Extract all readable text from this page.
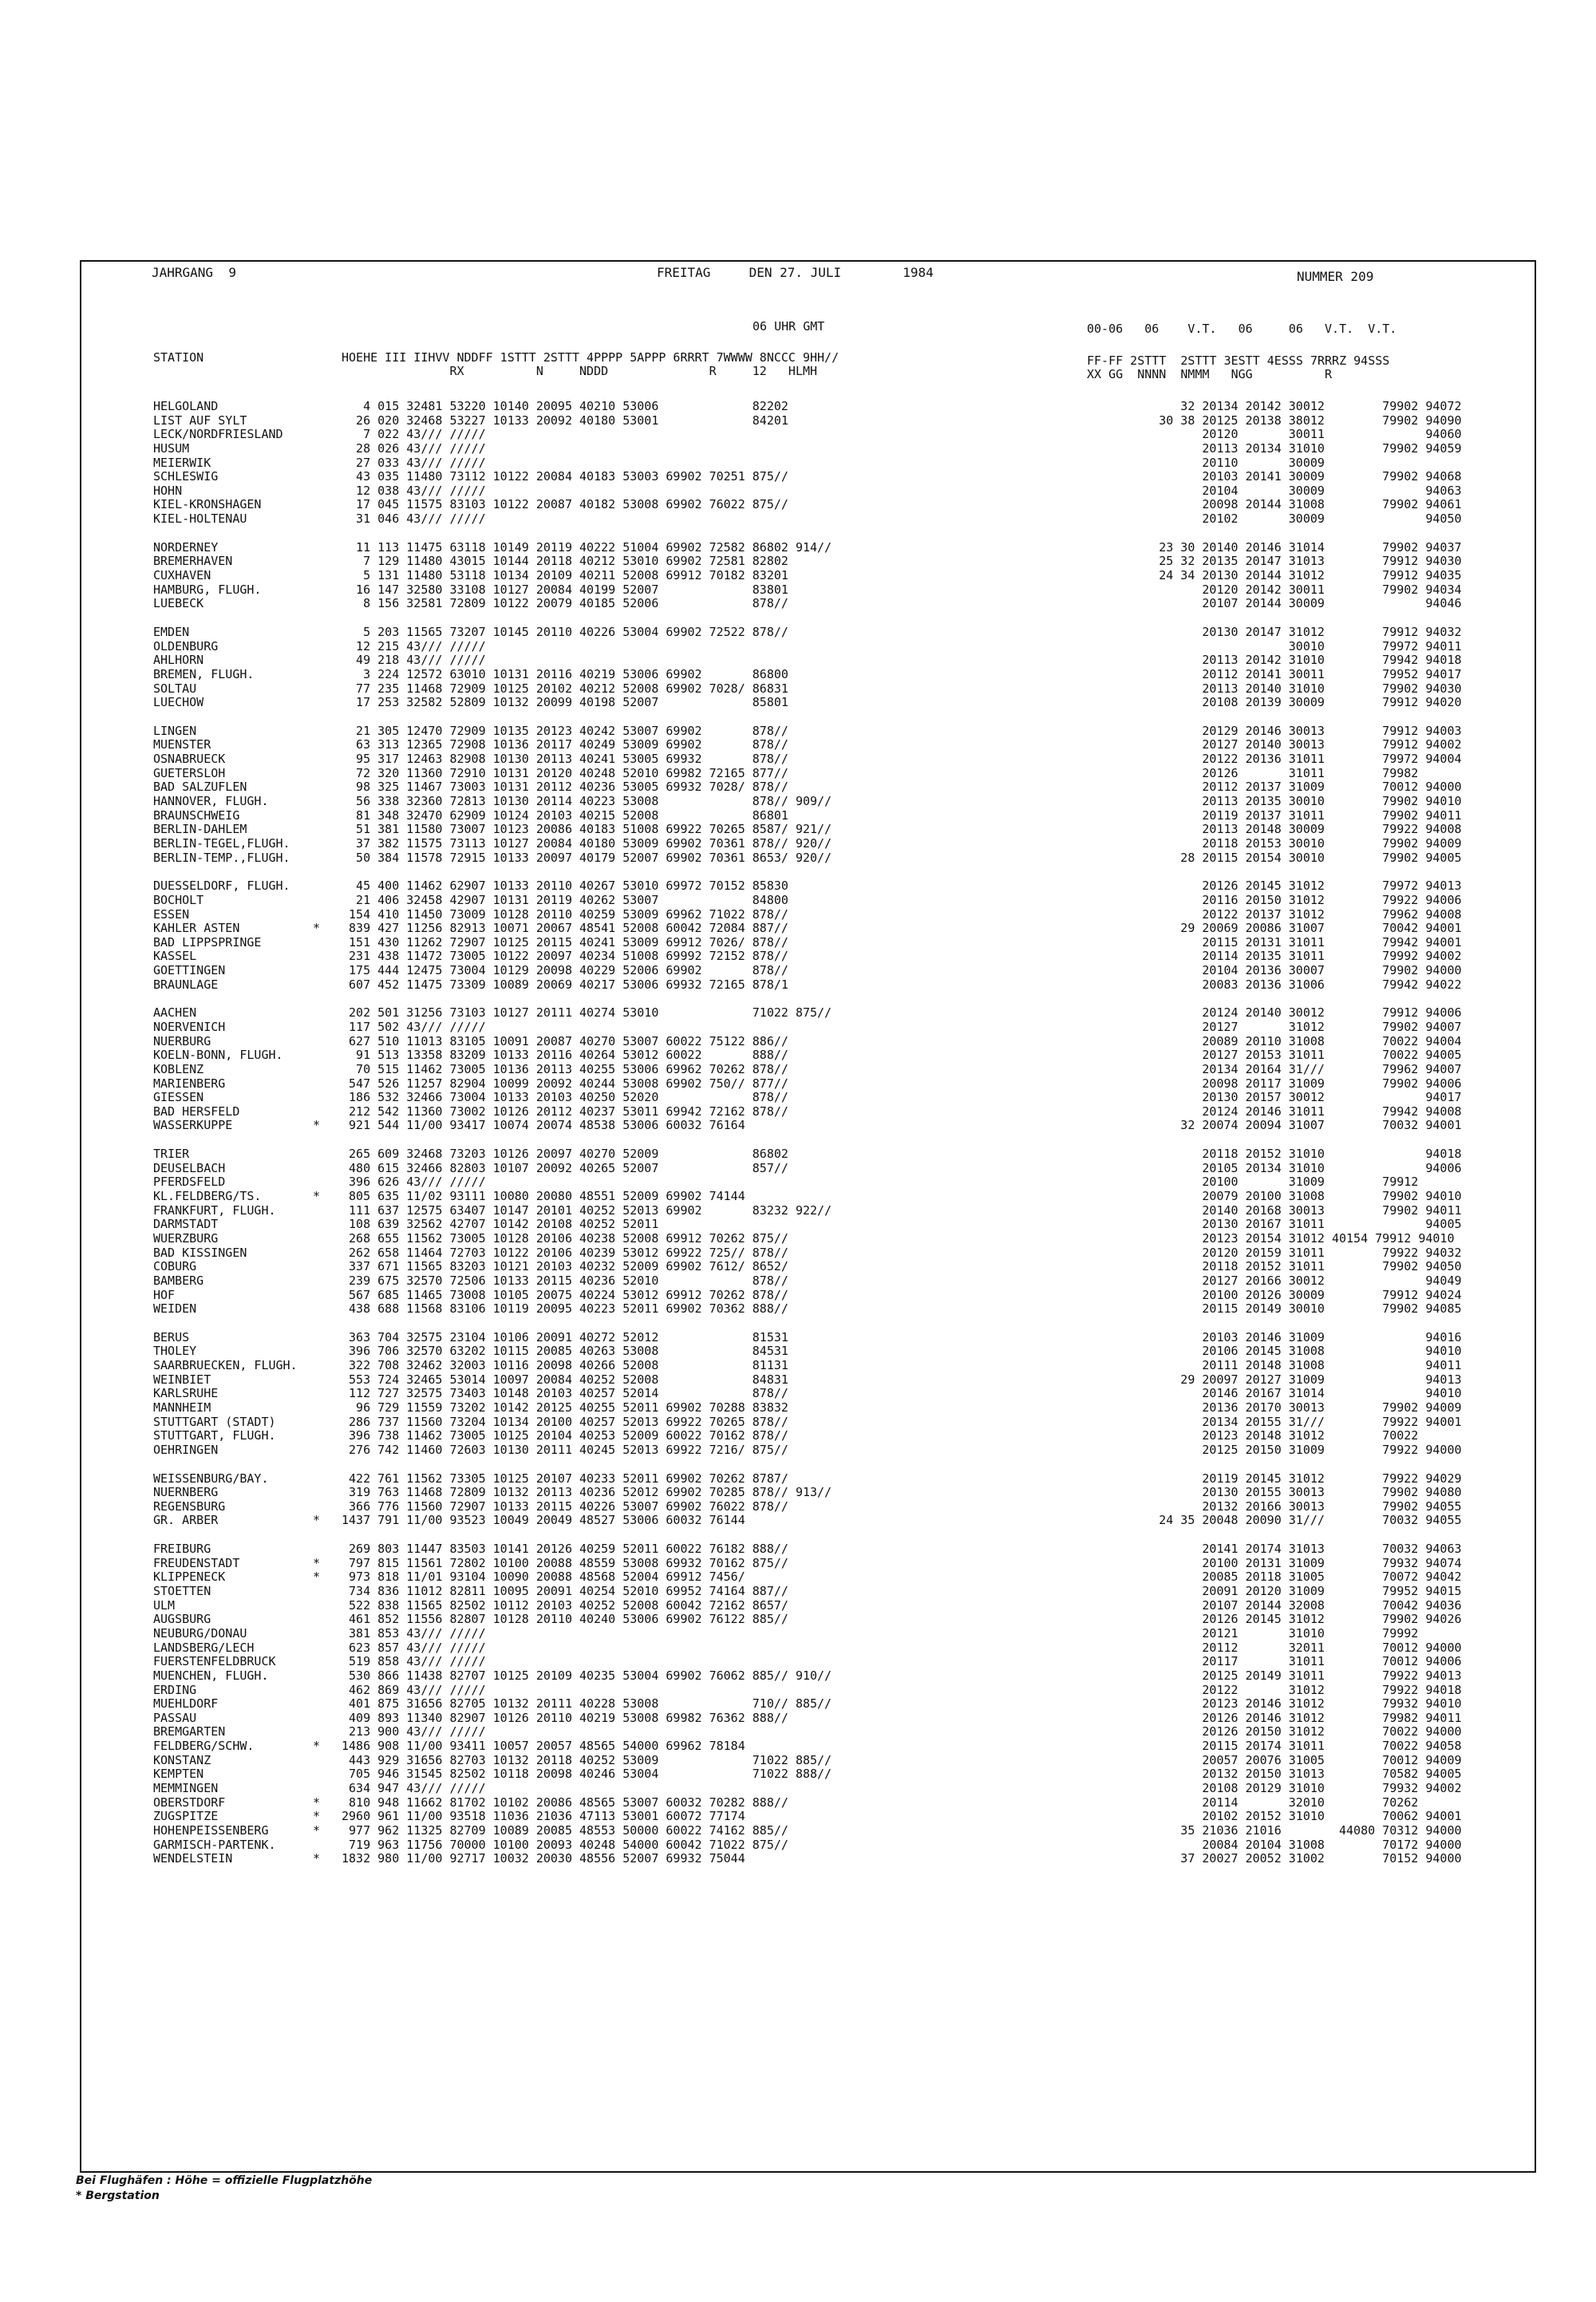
JAHRGANG  9	FREITAG     DEN 27. JULI        1984	NUMMER 209
06 UHR GMT	00-06   06    V.T.   06     06   V.T.  V.T.
STATION	HOEHE III IIHVV NDDFF 1STTT 2STTT 4PPPP 5APPP 6RRRT 7WWWW 8NCCC 9HH//
RX          N     NDDD              R     12   HLMH
FF-FF 2STTT  2STTT 3ESTT 4ESSS 7RRRZ 94SSS
XX GG  NNNN  NMMM   NGG          R
HELGOLAND	4 015 32481 53220 10140 20095 40210 53006             82202	32 20134 20142 30012        79902 94072
LIST AUF SYLT	26 020 32468 53227 10133 20092 40180 53001             84201	30 38 20125 20138 38012        79902 94090
LECK/NORDFRIESLAND	7 022 43/// /////	20120       30011              94060
HUSUM	28 026 43/// /////	20113 20134 31010        79902 94059
MEIERWIK	27 033 43/// /////	20110       30009
SCHLESWIG	43 035 11480 73112 10122 20084 40183 53003 69902 70251 875//	20103 20141 30009        79902 94068
HOHN	12 038 43/// /////	20104       30009              94063
KIEL-KRONSHAGEN	17 045 11575 83103 10122 20087 40182 53008 69902 76022 875//	20098 20144 31008        79902 94061
KIEL-HOLTENAU	31 046 43/// /////	20102       30009              94050
NORDERNEY	11 113 11475 63118 10149 20119 40222 51004 69902 72582 86802 914//	23 30 20140 20146 31014        79902 94037
BREMERHAVEN	7 129 11480 43015 10144 20118 40212 53010 69902 72581 82802	25 32 20135 20147 31013        79912 94030
CUXHAVEN	5 131 11480 53118 10134 20109 40211 52008 69912 70182 83201	24 34 20130 20144 31012        79912 94035
HAMBURG, FLUGH.	16 147 32580 33108 10127 20084 40199 52007             83801	20120 20142 30011        79902 94034
LUEBECK	8 156 32581 72809 10122 20079 40185 52006             878//	20107 20144 30009              94046
EMDEN	5 203 11565 73207 10145 20110 40226 53004 69902 72522 878//	20130 20147 31012        79912 94032
OLDENBURG	12 215 43/// /////	30010        79972 94011
AHLHORN	49 218 43/// /////	20113 20142 31010        79942 94018
BREMEN, FLUGH.	3 224 12572 63010 10131 20116 40219 53006 69902       86800	20112 20141 30011        79952 94017
SOLTAU	77 235 11468 72909 10125 20102 40212 52008 69902 7028/ 86831	20113 20140 31010        79902 94030
LUECHOW	17 253 32582 52809 10132 20099 40198 52007             85801	20108 20139 30009        79912 94020
LINGEN	21 305 12470 72909 10135 20123 40242 53007 69902       878//	20129 20146 30013        79912 94003
MUENSTER	63 313 12365 72908 10136 20117 40249 53009 69902       878//	20127 20140 30013        79912 94002
OSNABRUECK	95 317 12463 82908 10130 20113 40241 53005 69932       878//	20122 20136 31011        79972 94004
GUETERSLOH	72 320 11360 72910 10131 20120 40248 52010 69982 72165 877//	20126       31011        79982
BAD SALZUFLEN	98 325 11467 73003 10131 20112 40236 53005 69932 7028/ 878//	20112 20137 31009        70012 94000
HANNOVER, FLUGH.	56 338 32360 72813 10130 20114 40223 53008             878// 909//	20113 20135 30010        79902 94010
BRAUNSCHWEIG	81 348 32470 62909 10124 20103 40215 52008             86801	20119 20137 31011        79902 94011
BERLIN-DAHLEM	51 381 11580 73007 10123 20086 40183 51008 69922 70265 8587/ 921//	20113 20148 30009        79922 94008
BERLIN-TEGEL,FLUGH.	37 382 11575 73113 10127 20084 40180 53009 69902 70361 878// 920//	20118 20153 30010        79902 94009
BERLIN-TEMP.,FLUGH.	50 384 11578 72915 10133 20097 40179 52007 69902 70361 8653/ 920//	28 20115 20154 30010        79902 94005
DUESSELDORF, FLUGH.	45 400 11462 62907 10133 20110 40267 53010 69972 70152 85830	20126 20145 31012        79972 94013
BOCHOLT	21 406 32458 42907 10131 20119 40262 53007             84800	20116 20150 31012        79922 94006
ESSEN	154 410 11450 73009 10128 20110 40259 53009 69962 71022 878//	20122 20137 31012        79962 94008
KAHLER ASTEN	* 839 427 11256 82913 10071 20067 48541 52008 60042 72084 887//	29 20069 20086 31007        70042 94001
BAD LIPPSPRINGE	151 430 11262 72907 10125 20115 40241 53009 69912 7026/ 878//	20115 20131 31011        79942 94001
KASSEL	231 438 11472 73005 10122 20097 40234 51008 69992 72152 878//	20114 20135 31011        79992 94002
GOETTINGEN	175 444 12475 73004 10129 20098 40229 52006 69902       878//	20104 20136 30007        79902 94000
BRAUNLAGE	607 452 11475 73309 10089 20069 40217 53006 69932 72165 878/1	20083 20136 31006        79942 94022
AACHEN	202 501 31256 73103 10127 20111 40274 53010             71022 875//	20124 20140 30012        79912 94006
NOERVENICH	117 502 43/// /////	20127       31012        79902 94007
NUERBURG	627 510 11013 83105 10091 20087 40270 53007 60022 75122 886//	20089 20110 31008        70022 94004
KOELN-BONN, FLUGH.	91 513 13358 83209 10133 20116 40264 53012 60022       888//	20127 20153 31011        70022 94005
KOBLENZ	70 515 11462 73005 10136 20113 40255 53006 69962 70262 878//	20134 20164 31///        79962 94007
MARIENBERG	547 526 11257 82904 10099 20092 40244 53008 69902 750// 877//	20098 20117 31009        79902 94006
GIESSEN	186 532 32466 73004 10133 20103 40250 52020             878//	20130 20157 30012              94017
BAD HERSFELD	212 542 11360 73002 10126 20112 40237 53011 69942 72162 878//	20124 20146 31011        79942 94008
WASSERKUPPE	* 921 544 11/00 93417 10074 20074 48538 53006 60032 76164	32 20074 20094 31007        70032 94001
TRIER	265 609 32468 73203 10126 20097 40270 52009             86802	20118 20152 31010              94018
DEUSELBACH	480 615 32466 82803 10107 20092 40265 52007             857//	20105 20134 31010              94006
PFERDSFELD	396 626 43/// /////	20100       31009        79912
KL.FELDBERG/TS.	* 805 635 11/02 93111 10080 20080 48551 52009 69902 74144	20079 20100 31008        79902 94010
FRANKFURT, FLUGH.	111 637 12575 63407 10147 20101 40252 52013 69902       83232 922//	20140 20168 30013        79902 94011
DARMSTADT	108 639 32562 42707 10142 20108 40252 52011	20130 20167 31011              94005
WUERZBURG	268 655 11562 73005 10128 20106 40238 52008 69912 70262 875//	20123 20154 31012 40154 79912 94010
BAD KISSINGEN	262 658 11464 72703 10122 20106 40239 53012 69922 725// 878//	20120 20159 31011        79922 94032
COBURG	337 671 11565 83203 10121 20103 40232 52009 69902 7612/ 8652/	20118 20152 31011        79902 94050
BAMBERG	239 675 32570 72506 10133 20115 40236 52010             878//	20127 20166 30012              94049
HOF	567 685 11465 73008 10105 20075 40224 53012 69912 70262 878//	20100 20126 30009        79912 94024
WEIDEN	438 688 11568 83106 10119 20095 40223 52011 69902 70362 888//	20115 20149 30010        79902 94085
BERUS	363 704 32575 23104 10106 20091 40272 52012             81531	20103 20146 31009              94016
THOLEY	396 706 32570 63202 10115 20085 40263 53008             84531	20106 20145 31008              94010
SAARBRUECKEN, FLUGH.	322 708 32462 32003 10116 20098 40266 52008             81131	20111 20148 31008              94011
WEINBIET	553 724 32465 53014 10097 20084 40252 52008             84831	29 20097 20127 31009              94013
KARLSRUHE	112 727 32575 73403 10148 20103 40257 52014             878//	20146 20167 31014              94010
MANNHEIM	96 729 11559 73202 10142 20125 40255 52011 69902 70288 83832	20136 20170 30013        79902 94009
STUTTGART (STADT)	286 737 11560 73204 10134 20100 40257 52013 69922 70265 878//	20134 20155 31///        79922 94001
STUTTGART, FLUGH.	396 738 11462 73005 10125 20104 40253 52009 60022 70162 878//	20123 20148 31012        70022
OEHRINGEN	276 742 11460 72603 10130 20111 40245 52013 69922 7216/ 875//	20125 20150 31009        79922 94000
WEISSENBURG/BAY.	422 761 11562 73305 10125 20107 40233 52011 69902 70262 8787/	20119 20145 31012        79922 94029
NUERNBERG	319 763 11468 72809 10132 20113 40236 52012 69902 70285 878// 913//	20130 20155 30013        79902 94080
REGENSBURG	366 776 11560 72907 10133 20115 40226 53007 69902 76022 878//	20132 20166 30013        79902 94055
GR. ARBER	* 1437 791 11/00 93523 10049 20049 48527 53006 60032 76144	24 35 20048 20090 31///        70032 94055
FREIBURG	269 803 11447 83503 10141 20126 40259 52011 60022 76182 888//	20141 20174 31013        70032 94063
FREUDENSTADT	* 797 815 11561 72802 10100 20088 48559 53008 69932 70162 875//	20100 20131 31009        79932 94074
KLIPPENECK	* 973 818 11/01 93104 10090 20088 48568 52004 69912 7456/	20085 20118 31005        70072 94042
STOETTEN	734 836 11012 82811 10095 20091 40254 52010 69952 74164 887//	20091 20120 31009        79952 94015
ULM	522 838 11565 82502 10112 20103 40252 52008 60042 72162 8657/	20107 20144 32008        70042 94036
AUGSBURG	461 852 11556 82807 10128 20110 40240 53006 69902 76122 885//	20126 20145 31012        79902 94026
NEUBURG/DONAU	381 853 43/// /////	20121       31010        79992
LANDSBERG/LECH	623 857 43/// /////	20112       32011        70012 94000
FUERSTENFELDBRUCK	519 858 43/// /////	20117       31011        70012 94006
MUENCHEN, FLUGH.	530 866 11438 82707 10125 20109 40235 53004 69902 76062 885// 910//	20125 20149 31011        79922 94013
ERDING	462 869 43/// /////	20122       31012        79922 94018
MUEHLDORF	401 875 31656 82705 10132 20111 40228 53008             710// 885//	20123 20146 31012        79932 94010
PASSAU	409 893 11340 82907 10126 20110 40219 53008 69982 76362 888//	20126 20146 31012        79982 94011
BREMGARTEN	213 900 43/// /////	20126 20150 31012        70022 94000
FELDBERG/SCHW.	* 1486 908 11/00 93411 10057 20057 48565 54000 69962 78184	20115 20174 31011        70022 94058
KONSTANZ	443 929 31656 82703 10132 20118 40252 53009             71022 885//	20057 20076 31005        70012 94009
KEMPTEN	705 946 31545 82502 10118 20098 40246 53004             71022 888//	20132 20150 31013        70582 94005
MEMMINGEN	634 947 43/// /////	20108 20129 31010        79932 94002
OBERSTDORF	* 810 948 11662 81702 10102 20086 48565 53007 60032 70282 888//	20114       32010        70262
ZUGSPITZE	* 2960 961 11/00 93518 11036 21036 47113 53001 60072 77174	20102 20152 31010        70062 94001
HOHENPEISSENBERG	* 977 962 11325 82709 10089 20085 48553 50000 60022 74162 885//	35 21036 21016        44080 70312 94000
GARMISCH-PARTENK.	719 963 11756 70000 10100 20093 40248 54000 60042 71022 875//	20084 20104 31008        70172 94000
WENDELSTEIN	* 1832 980 11/00 92717 10032 20030 48556 52007 69932 75044	37 20027 20052 31002        70152 94000
Bei Flughäfen : Höhe = offizielle Flugplatzhöhe
* Bergstation
